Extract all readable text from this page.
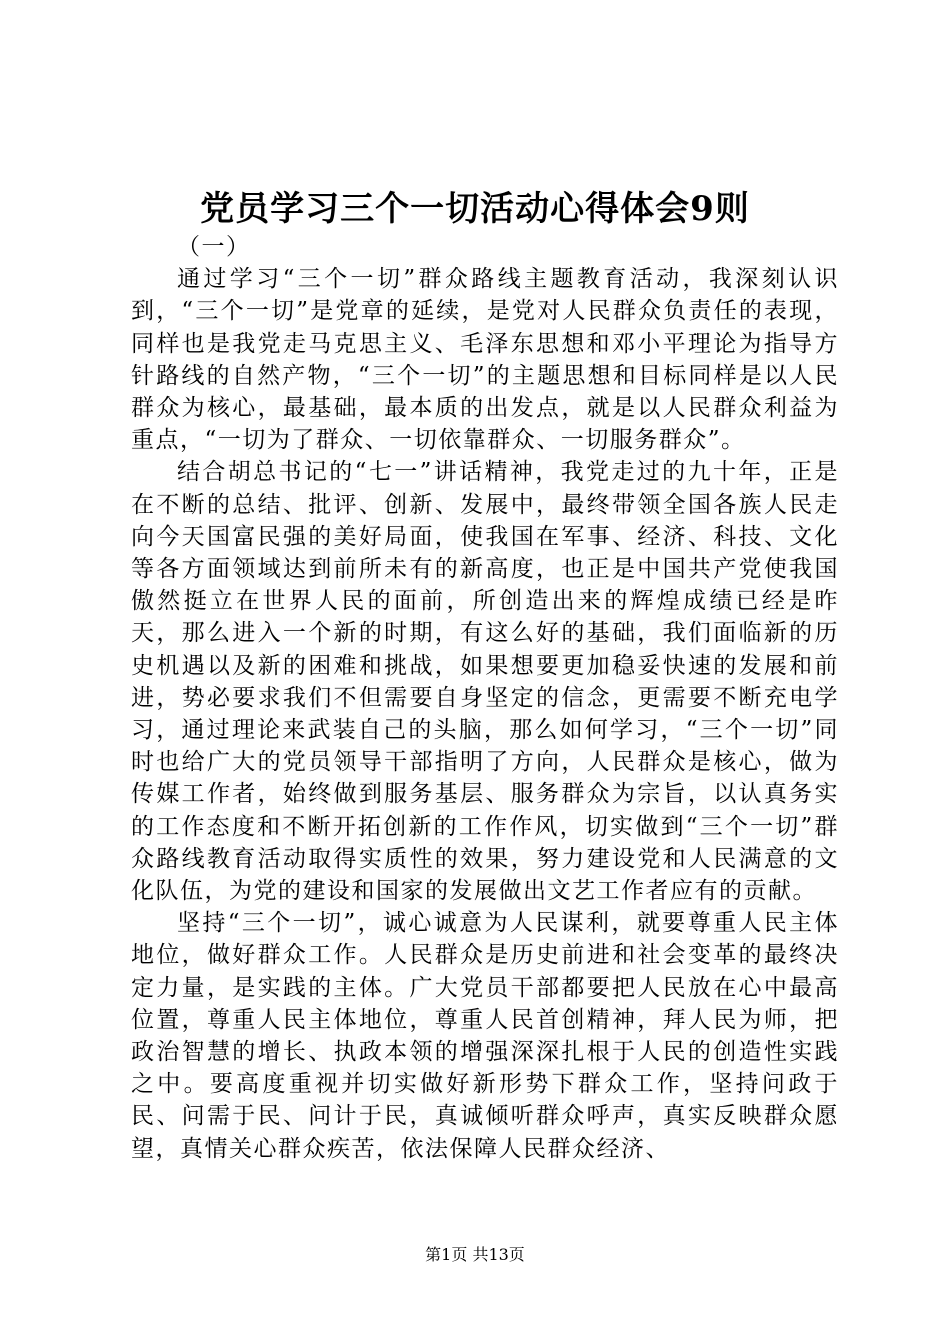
党员学习三个一切活动心得体会9则

（一）

通过学习“三个一切”群众路线主题教育活动，我深刻认识到，“三个一切”是党章的延续，是党对人民群众负责任的表现，同样也是我党走马克思主义、毛泽东思想和邓小平理论为指导方针路线的自然产物，“三个一切”的主题思想和目标同样是以人民群众为核心，最基础，最本质的出发点，就是以人民群众利益为重点，“一切为了群众、一切依靠群众、一切服务群众”。

结合胡总书记的“七一”讲话精神，我党走过的九十年，正是在不断的总结、批评、创新、发展中，最终带领全国各族人民走向今天国富民强的美好局面，使我国在军事、经济、科技、文化等各方面领域达到前所未有的新高度，也正是中国共产党使我国傲然挺立在世界人民的面前，所创造出来的辉煌成绩已经是昨天，那么进入一个新的时期，有这么好的基础，我们面临新的历史机遇以及新的困难和挑战，如果想要更加稳妥快速的发展和前进，势必要求我们不但需要自身坚定的信念，更需要不断充电学习，通过理论来武装自己的头脑，那么如何学习，“三个一切”同时也给广大的党员领导干部指明了方向，人民群众是核心，做为传媒工作者，始终做到服务基层、服务群众为宗旨，以认真务实的工作态度和不断开拓创新的工作作风，切实做到“三个一切”群众路线教育活动取得实质性的效果，努力建设党和人民满意的文化队伍，为党的建设和国家的发展做出文艺工作者应有的贡献。

坚持“三个一切”，诚心诚意为人民谋利，就要尊重人民主体地位，做好群众工作。人民群众是历史前进和社会变革的最终决定力量，是实践的主体。广大党员干部都要把人民放在心中最高位置，尊重人民主体地位，尊重人民首创精神，拜人民为师，把政治智慧的增长、执政本领的增强深深扎根于人民的创造性实践之中。要高度重视并切实做好新形势下群众工作，坚持问政于民、问需于民、问计于民，真诚倾听群众呼声，真实反映群众愿望，真情关心群众疾苦，依法保障人民群众经济、

第1页 共13页
